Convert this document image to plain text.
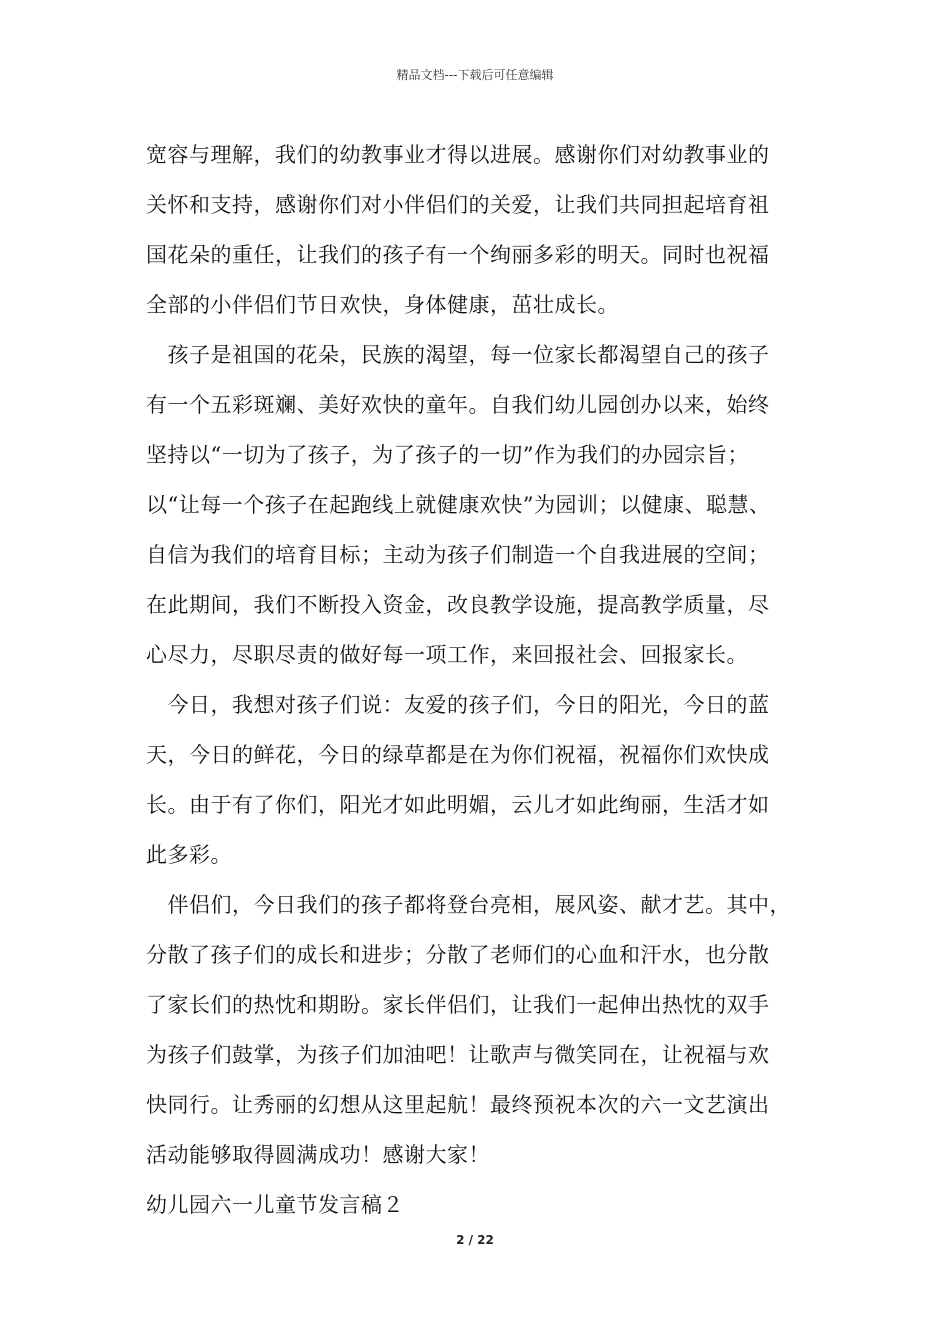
精品文档---下载后可任意编辑
宽容与理解，我们的幼教事业才得以进展。感谢你们对幼教事业的
关怀和支持，感谢你们对小伴侣们的关爱，让我们共同担起培育祖
国花朵的重任，让我们的孩子有一个绚丽多彩的明天。同时也祝福
全部的小伴侣们节日欢快，身体健康，茁壮成长。
　孩子是祖国的花朵，民族的渴望，每一位家长都渴望自己的孩子
有一个五彩斑斓、美好欢快的童年。自我们幼儿园创办以来，始终
坚持以“一切为了孩子，为了孩子的一切”作为我们的办园宗旨；
以“让每一个孩子在起跑线上就健康欢快”为园训；以健康、聪慧、
自信为我们的培育目标；主动为孩子们制造一个自我进展的空间；
在此期间，我们不断投入资金，改良教学设施，提高教学质量，尽
心尽力，尽职尽责的做好每一项工作，来回报社会、回报家长。
　今日，我想对孩子们说：友爱的孩子们，今日的阳光，今日的蓝
天，今日的鲜花，今日的绿草都是在为你们祝福，祝福你们欢快成
长。由于有了你们，阳光才如此明媚，云儿才如此绚丽，生活才如
此多彩。
　伴侣们，今日我们的孩子都将登台亮相，展风姿、献才艺。其中，
分散了孩子们的成长和进步；分散了老师们的心血和汗水，也分散
了家长们的热忱和期盼。家长伴侣们，让我们一起伸出热忱的双手
为孩子们鼓掌，为孩子们加油吧！让歌声与微笑同在，让祝福与欢
快同行。让秀丽的幻想从这里起航！最终预祝本次的六一文艺演出
活动能够取得圆满成功！感谢大家！
幼儿园六一儿童节发言稿２
2 / 22
